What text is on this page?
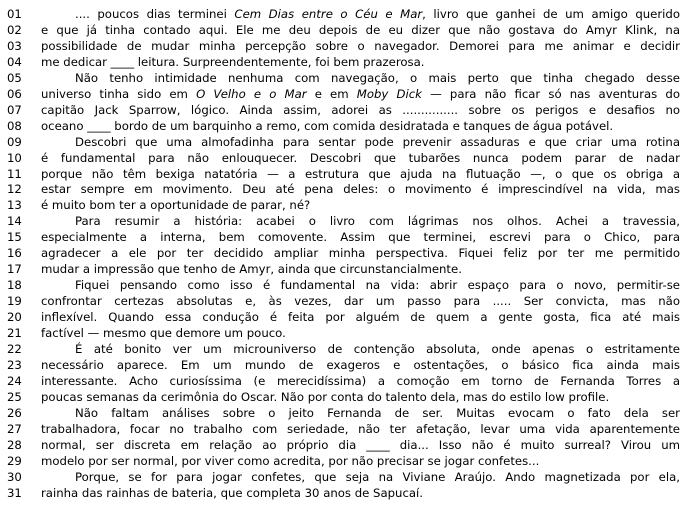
01	.... poucos dias terminei Cem Dias entre o Céu e Mar, livro que ganhei de um amigo querido
02	e que já tinha contado aqui. Ele me deu depois de eu dizer que não gostava do Amyr Klink, na
03	possibilidade de mudar minha percepção sobre o navegador. Demorei para me animar e decidir
04	me dedicar ____ leitura. Surpreendentemente, foi bem prazerosa.
05	Não tenho intimidade nenhuma com navegação, o mais perto que tinha chegado desse
06	universo tinha sido em O Velho e o Mar e em Moby Dick — para não ficar só nas aventuras do
07	capitão Jack Sparrow, lógico. Ainda assim, adorei as ............... sobre os perigos e desafios no
08	oceano ____ bordo de um barquinho a remo, com comida desidratada e tanques de água potável.
09	Descobri que uma almofadinha para sentar pode prevenir assaduras e que criar uma rotina
10	é fundamental para não enlouquecer. Descobri que tubarões nunca podem parar de nadar
11	porque não têm bexiga natatória — a estrutura que ajuda na flutuação —, o que os obriga a
12	estar sempre em movimento. Deu até pena deles: o movimento é imprescindível na vida, mas
13	é muito bom ter a oportunidade de parar, né?
14	Para resumir a história: acabei o livro com lágrimas nos olhos. Achei a travessia,
15	especialmente a interna, bem comovente. Assim que terminei, escrevi para o Chico, para
16	agradecer a ele por ter decidido ampliar minha perspectiva. Fiquei feliz por ter me permitido
17	mudar a impressão que tenho de Amyr, ainda que circunstancialmente.
18	Fiquei pensando como isso é fundamental na vida: abrir espaço para o novo, permitir-se
19	confrontar certezas absolutas e, às vezes, dar um passo para ..... Ser convicta, mas não
20	inflexível. Quando essa condução é feita por alguém de quem a gente gosta, fica até mais
21	factível — mesmo que demore um pouco.
22	É até bonito ver um microuniverso de contenção absoluta, onde apenas o estritamente
23	necessário aparece. Em um mundo de exageros e ostentações, o básico fica ainda mais
24	interessante. Acho curiosíssima (e merecidíssima) a comoção em torno de Fernanda Torres a
25	poucas semanas da cerimônia do Oscar. Não por conta do talento dela, mas do estilo low profile.
26	Não faltam análises sobre o jeito Fernanda de ser. Muitas evocam o fato dela ser
27	trabalhadora, focar no trabalho com seriedade, não ter afetação, levar uma vida aparentemente
28	normal, ser discreta em relação ao próprio dia ____ dia... Isso não é muito surreal? Virou um
29	modelo por ser normal, por viver como acredita, por não precisar se jogar confetes...
30	Porque, se for para jogar confetes, que seja na Viviane Araújo. Ando magnetizada por ela,
31	rainha das rainhas de bateria, que completa 30 anos de Sapucaí.
